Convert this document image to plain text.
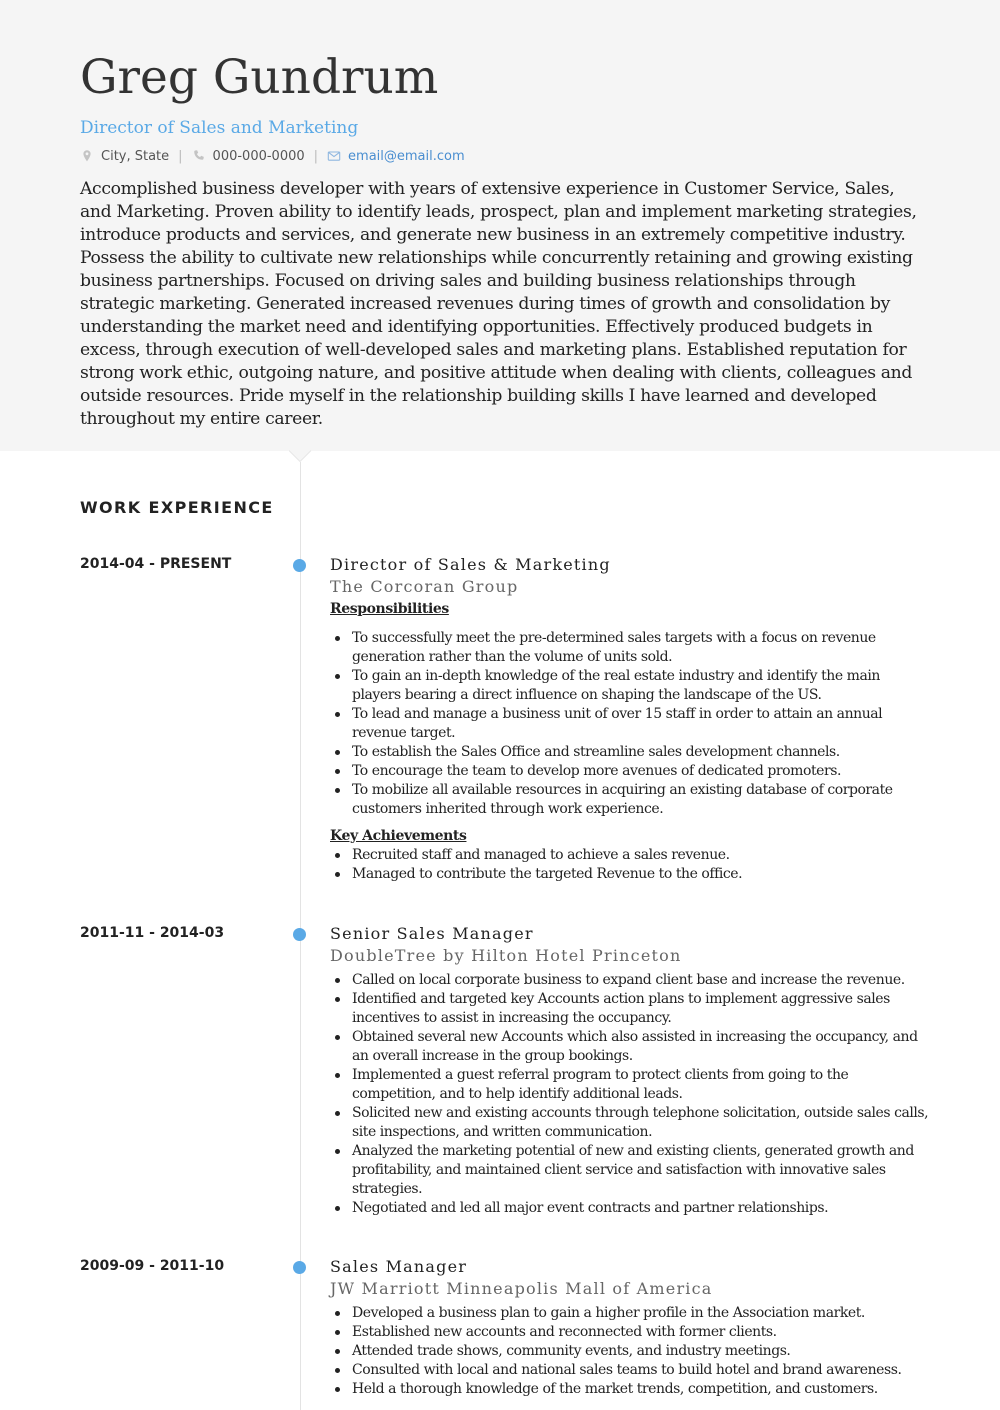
Greg Gundrum
Director of Sales and Marketing
City, State | 000-000-0000 | email@email.com
Accomplished business developer with years of extensive experience in Customer Service, Sales, and Marketing. Proven ability to identify leads, prospect, plan and implement marketing strategies, introduce products and services, and generate new business in an extremely competitive industry. Possess the ability to cultivate new relationships while concurrently retaining and growing existing business partnerships. Focused on driving sales and building business relationships through strategic marketing. Generated increased revenues during times of growth and consolidation by understanding the market need and identifying opportunities. Effectively produced budgets in excess, through execution of well-developed sales and marketing plans. Established reputation for strong work ethic, outgoing nature, and positive attitude when dealing with clients, colleagues and outside resources. Pride myself in the relationship building skills I have learned and developed throughout my entire career.
WORK EXPERIENCE
2014-04 - PRESENT	Director of Sales & Marketing
The Corcoran Group
Responsibilities
To successfully meet the pre-determined sales targets with a focus on revenue generation rather than the volume of units sold.
To gain an in-depth knowledge of the real estate industry and identify the main players bearing a direct influence on shaping the landscape of the US.
To lead and manage a business unit of over 15 staff in order to attain an annual revenue target.
To establish the Sales Office and streamline sales development channels.
To encourage the team to develop more avenues of dedicated promoters.
To mobilize all available resources in acquiring an existing database of corporate customers inherited through work experience.
Key Achievements
Recruited staff and managed to achieve a sales revenue.
Managed to contribute the targeted Revenue to the office.
2011-11 - 2014-03	Senior Sales Manager
DoubleTree by Hilton Hotel Princeton
Called on local corporate business to expand client base and increase the revenue.
Identified and targeted key Accounts action plans to implement aggressive sales incentives to assist in increasing the occupancy.
Obtained several new Accounts which also assisted in increasing the occupancy, and an overall increase in the group bookings.
Implemented a guest referral program to protect clients from going to the competition, and to help identify additional leads.
Solicited new and existing accounts through telephone solicitation, outside sales calls, site inspections, and written communication.
Analyzed the marketing potential of new and existing clients, generated growth and profitability, and maintained client service and satisfaction with innovative sales strategies.
Negotiated and led all major event contracts and partner relationships.
2009-09 - 2011-10	Sales Manager
JW Marriott Minneapolis Mall of America
Developed a business plan to gain a higher profile in the Association market.
Established new accounts and reconnected with former clients.
Attended trade shows, community events, and industry meetings.
Consulted with local and national sales teams to build hotel and brand awareness.
Held a thorough knowledge of the market trends, competition, and customers.
